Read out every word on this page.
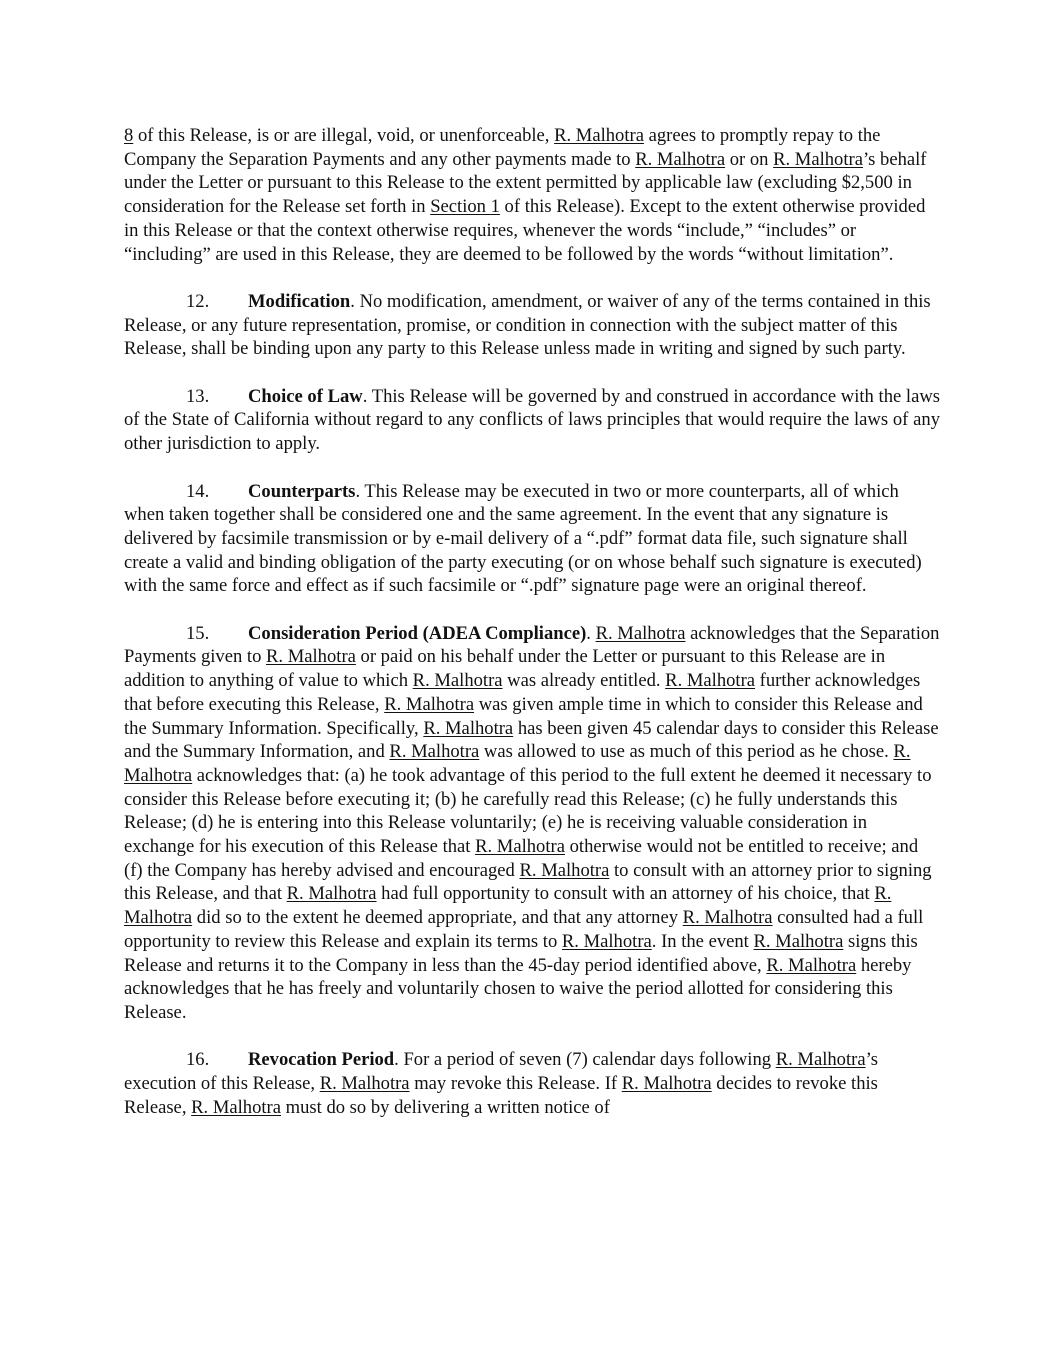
8 of this Release, is or are illegal, void, or unenforceable, R. Malhotra agrees to promptly repay to the Company the Separation Payments and any other payments made to R. Malhotra or on R. Malhotra’s behalf under the Letter or pursuant to this Release to the extent permitted by applicable law (excluding $2,500 in consideration for the Release set forth in Section 1 of this Release). Except to the extent otherwise provided in this Release or that the context otherwise requires, whenever the words “include,” “includes” or “including” are used in this Release, they are deemed to be followed by the words “without limitation”.

12. Modification. No modification, amendment, or waiver of any of the terms contained in this Release, or any future representation, promise, or condition in connection with the subject matter of this Release, shall be binding upon any party to this Release unless made in writing and signed by such party.

13. Choice of Law. This Release will be governed by and construed in accordance with the laws of the State of California without regard to any conflicts of laws principles that would require the laws of any other jurisdiction to apply.

14. Counterparts. This Release may be executed in two or more counterparts, all of which when taken together shall be considered one and the same agreement. In the event that any signature is delivered by facsimile transmission or by e-mail delivery of a “.pdf” format data file, such signature shall create a valid and binding obligation of the party executing (or on whose behalf such signature is executed) with the same force and effect as if such facsimile or “.pdf” signature page were an original thereof.

15. Consideration Period (ADEA Compliance). R. Malhotra acknowledges that the Separation Payments given to R. Malhotra or paid on his behalf under the Letter or pursuant to this Release are in addition to anything of value to which R. Malhotra was already entitled. R. Malhotra further acknowledges that before executing this Release, R. Malhotra was given ample time in which to consider this Release and the Summary Information. Specifically, R. Malhotra has been given 45 calendar days to consider this Release and the Summary Information, and R. Malhotra was allowed to use as much of this period as he chose. R. Malhotra acknowledges that: (a) he took advantage of this period to the full extent he deemed it necessary to consider this Release before executing it; (b) he carefully read this Release; (c) he fully understands this Release; (d) he is entering into this Release voluntarily; (e) he is receiving valuable consideration in exchange for his execution of this Release that R. Malhotra otherwise would not be entitled to receive; and (f) the Company has hereby advised and encouraged R. Malhotra to consult with an attorney prior to signing this Release, and that R. Malhotra had full opportunity to consult with an attorney of his choice, that R. Malhotra did so to the extent he deemed appropriate, and that any attorney R. Malhotra consulted had a full opportunity to review this Release and explain its terms to R. Malhotra. In the event R. Malhotra signs this Release and returns it to the Company in less than the 45-day period identified above, R. Malhotra hereby acknowledges that he has freely and voluntarily chosen to waive the period allotted for considering this Release.

16. Revocation Period. For a period of seven (7) calendar days following R. Malhotra’s execution of this Release, R. Malhotra may revoke this Release. If R. Malhotra decides to revoke this Release, R. Malhotra must do so by delivering a written notice of
